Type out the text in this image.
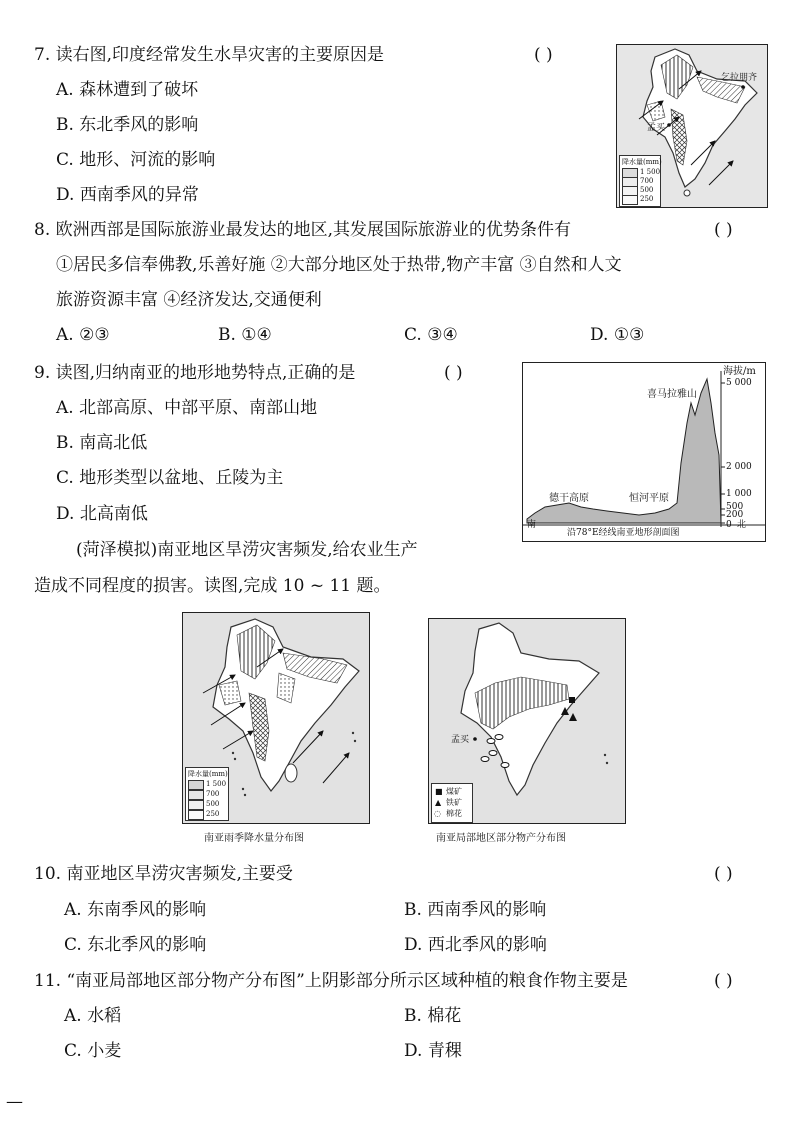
7. 读右图,印度经常发生水旱灾害的主要原因是	( )
A. 森林遭到了破坏
B. 东北季风的影响
C. 地形、河流的影响
D. 西南季风的异常
乞拉朋齐
孟买
降水量(mm)
1 500
700
500
250
8. 欧洲西部是国际旅游业最发达的地区,其发展国际旅游业的优势条件有	( )
①居民多信奉佛教,乐善好施 ②大部分地区处于热带,物产丰富 ③自然和人文
旅游资源丰富 ④经济发达,交通便利
A. ②③	B. ①④	C. ③④	D. ①③
9. 读图,归纳南亚的地形地势特点,正确的是	( )
A. 北部高原、中部平原、南部山地
B. 南高北低
C. 地形类型以盆地、丘陵为主
D. 北高南低
海拔/m
5 000
2 000
1 000
500
200
0 北
喜马拉雅山
德干高原	恒河平原
南
沿78°E经线南亚地形剖面图
(菏泽模拟)南亚地区旱涝灾害频发,给农业生产
造成不同程度的损害。读图,完成 10 ~ 11 题。
降水量(mm)
1 500
700
500
250
南亚雨季降水量分布图
孟买
■ 煤矿
▲ 铁矿
◌ 棉花
南亚局部地区部分物产分布图
10. 南亚地区旱涝灾害频发,主要受	( )
A. 东南季风的影响	B. 西南季风的影响
C. 东北季风的影响	D. 西北季风的影响
11. “南亚局部地区部分物产分布图”上阴影部分所示区域种植的粮食作物主要是	( )
A. 水稻	B. 棉花
C. 小麦	D. 青稞
—
